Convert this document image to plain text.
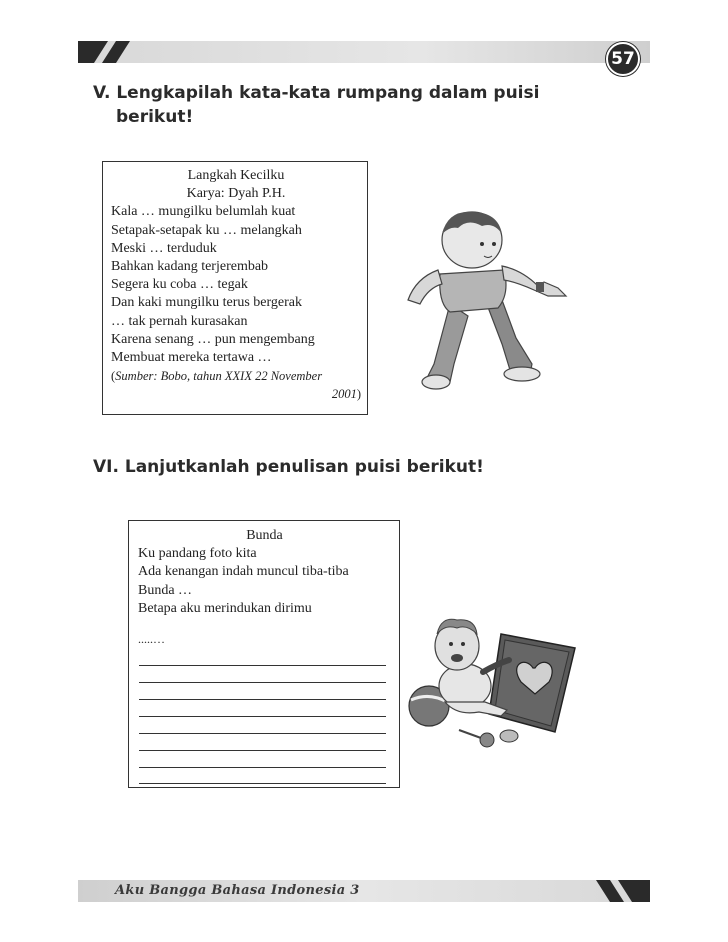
57
V. Lengkapilah kata-kata rumpang dalam puisi
berikut!
Langkah Kecilku
Karya: Dyah P.H.
Kala … mungilku belumlah kuat
Setapak-setapak ku … melangkah
Meski … terduduk
Bahkan kadang terjerembab
Segera ku coba … tegak
Dan kaki mungilku terus bergerak
… tak pernah kurasakan
Karena senang … pun mengembang
Membuat mereka tertawa …
(Sumber: Bobo, tahun XXIX 22 November
2001)
VI. Lanjutkanlah penulisan puisi berikut!
Bunda
Ku pandang foto kita
Ada kenangan indah muncul tiba-tiba
Bunda …
Betapa aku merindukan dirimu
.....…
Aku Bangga Bahasa Indonesia 3
